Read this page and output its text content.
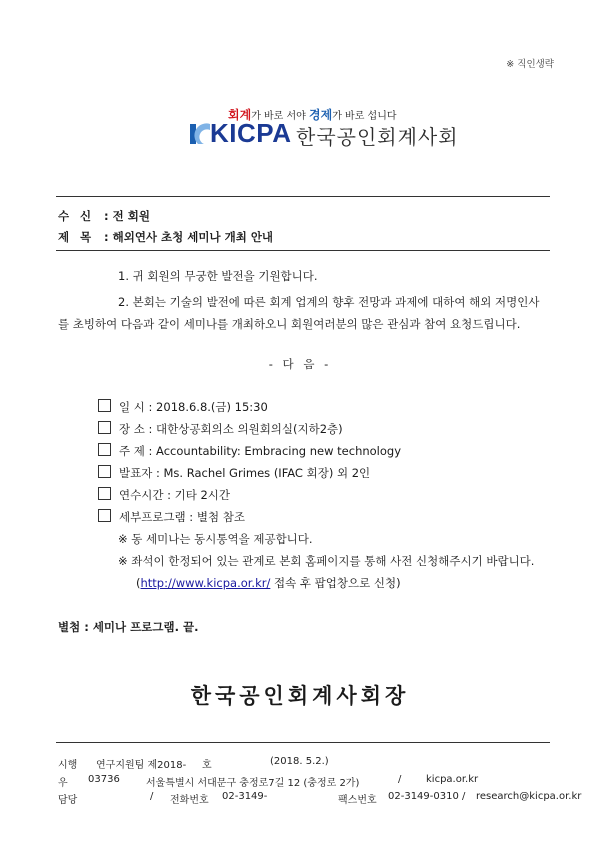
※ 직인생략
회계가 바로 서야 경제가 바로 섭니다
KICPA 한국공인회계사회
수 신 : 전 회원
제 목 : 해외연사 초청 세미나 개최 안내
1. 귀 회원의 무궁한 발전을 기원합니다.
2. 본회는 기술의 발전에 따른 회계 업계의 향후 전망과 과제에 대하여 해외 저명인사
를 초빙하여 다음과 같이 세미나를 개최하오니 회원여러분의 많은 관심과 참여 요청드립니다.
- 다 음 -
일 시 : 2018.6.8.(금) 15:30
장 소 : 대한상공회의소 의원회의실(지하2층)
주 제 : Accountability: Embracing new technology
발표자 : Ms. Rachel Grimes (IFAC 회장) 외 2인
연수시간 : 기타 2시간
세부프로그램 : 별첨 참조
※ 동 세미나는 동시통역을 제공합니다.
※ 좌석이 한정되어 있는 관계로 본회 홈페이지를 통해 사전 신청해주시기 바랍니다.
(http://www.kicpa.or.kr/ 접속 후 팝업창으로 신청)
별첨 : 세미나 프로그램. 끝.
한국공인회계사회장
시행 연구지원팀 제2018- 호	(2018. 5.2.)
우 03736	서울특별시 서대문구 충정로7길 12 (충정로 2가)	/ kicpa.or.kr
담당	/ 전화번호 02-3149-	팩스번호 02-3149-0310 / research@kicpa.or.kr
